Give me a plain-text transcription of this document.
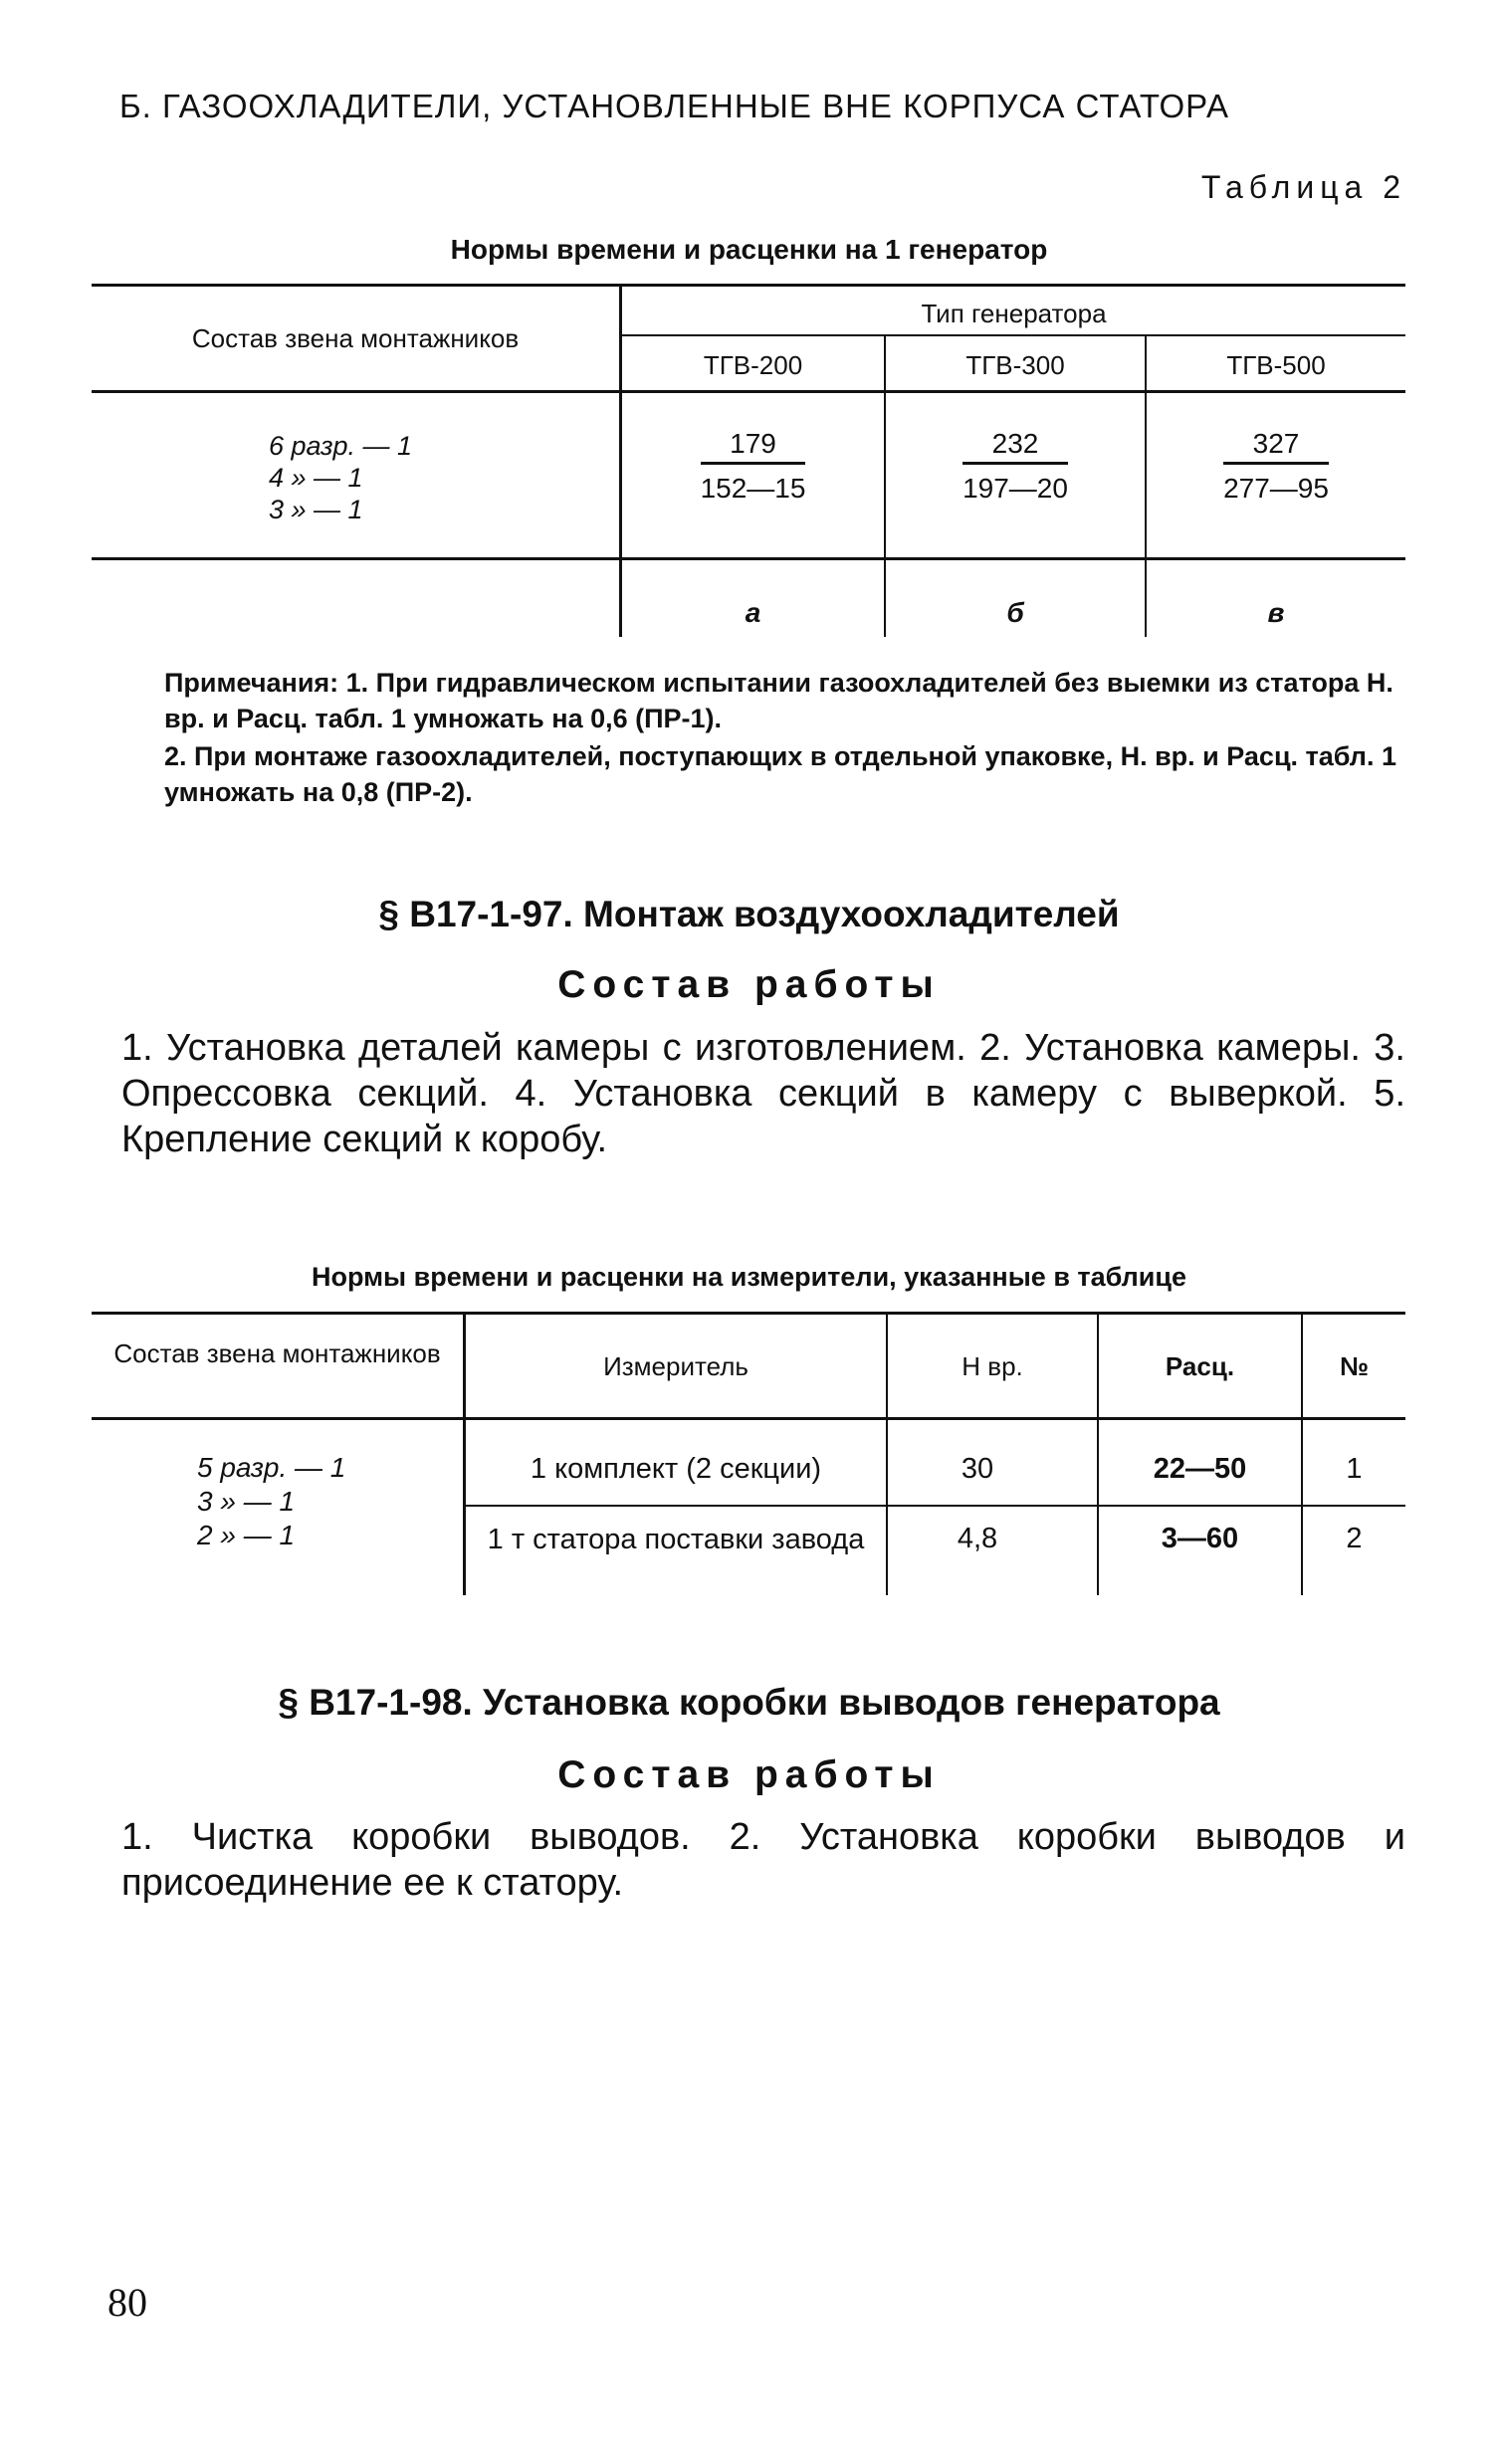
Б. ГАЗООХЛАДИТЕЛИ, УСТАНОВЛЕННЫЕ ВНЕ КОРПУСА СТАТОРА
Таблица 2
Нормы времени и расценки на 1 генератор
Состав звена монтажников
Тип генератора
ТГВ-200	ТГВ-300	ТГВ-500
6 разр. — 1
4 » — 1
3 » — 1
$\frac{179}{152—15}$	$\frac{232}{197—20}$	$\frac{327}{277—95}$
а	б	в
Примечания: 1. При гидравлическом испытании газоохладителей без выемки из статора Н. вр. и Расц. табл. 1 умножать на 0,6 (ПР-1).
2. При монтаже газоохладителей, поступающих в отдельной упаковке, Н. вр. и Расц. табл. 1 умножать на 0,8 (ПР-2).
§ В17-1-97. Монтаж воздухоохладителей
Состав работы
1. Установка деталей камеры с изготовлением. 2. Установка камеры. 3. Опрессовка секций. 4. Установка секций в камеру с выверкой. 5. Крепление секций к коробу.
Нормы времени и расценки на измерители, указанные в таблице
Состав звена монтажников	Измеритель	Н вр.	Расц.	№
5 разр. — 1
3 » — 1
2 » — 1
1 комплект (2 секции)	30	22—50	1
1 т статора поставки завода	4,8	3—60	2
§ В17-1-98. Установка коробки выводов генератора
Состав работы
1. Чистка коробки выводов. 2. Установка коробки выводов и присоединение ее к статору.
80
